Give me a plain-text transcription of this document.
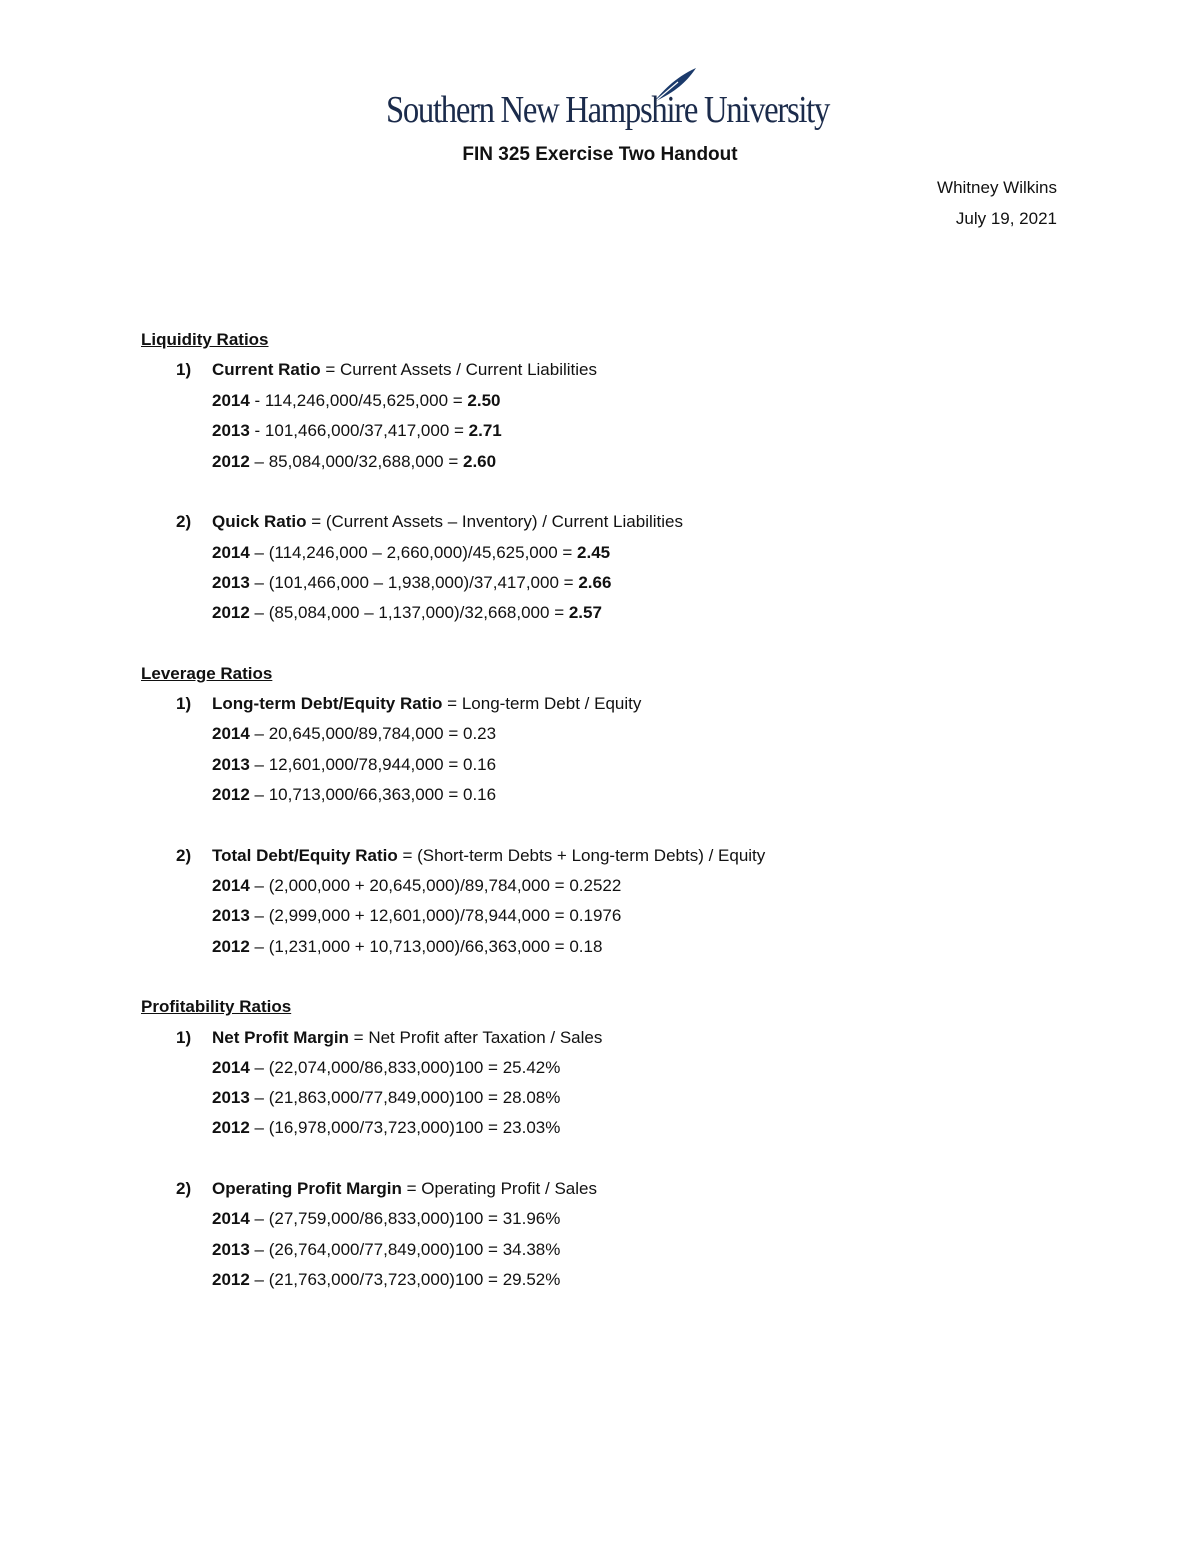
Southern New Hampshire University
FIN 325 Exercise Two Handout
Whitney Wilkins
July 19, 2021
Liquidity Ratios
1) Current Ratio = Current Assets / Current Liabilities
2014 - 114,246,000/45,625,000 = 2.50
2013 - 101,466,000/37,417,000 = 2.71
2012 – 85,084,000/32,688,000 = 2.60
2) Quick Ratio = (Current Assets – Inventory) / Current Liabilities
2014 – (114,246,000 – 2,660,000)/45,625,000 = 2.45
2013 – (101,466,000 – 1,938,000)/37,417,000 = 2.66
2012 – (85,084,000 – 1,137,000)/32,668,000 = 2.57
Leverage Ratios
1) Long-term Debt/Equity Ratio = Long-term Debt / Equity
2014 – 20,645,000/89,784,000 = 0.23
2013 – 12,601,000/78,944,000 = 0.16
2012 – 10,713,000/66,363,000 = 0.16
2) Total Debt/Equity Ratio = (Short-term Debts + Long-term Debts) / Equity
2014 – (2,000,000 + 20,645,000)/89,784,000 = 0.2522
2013 – (2,999,000 + 12,601,000)/78,944,000 = 0.1976
2012 – (1,231,000 + 10,713,000)/66,363,000 = 0.18
Profitability Ratios
1) Net Profit Margin = Net Profit after Taxation / Sales
2014 – (22,074,000/86,833,000)100 = 25.42%
2013 – (21,863,000/77,849,000)100 = 28.08%
2012 – (16,978,000/73,723,000)100 = 23.03%
2) Operating Profit Margin = Operating Profit / Sales
2014 – (27,759,000/86,833,000)100 = 31.96%
2013 – (26,764,000/77,849,000)100 = 34.38%
2012 – (21,763,000/73,723,000)100 = 29.52%
